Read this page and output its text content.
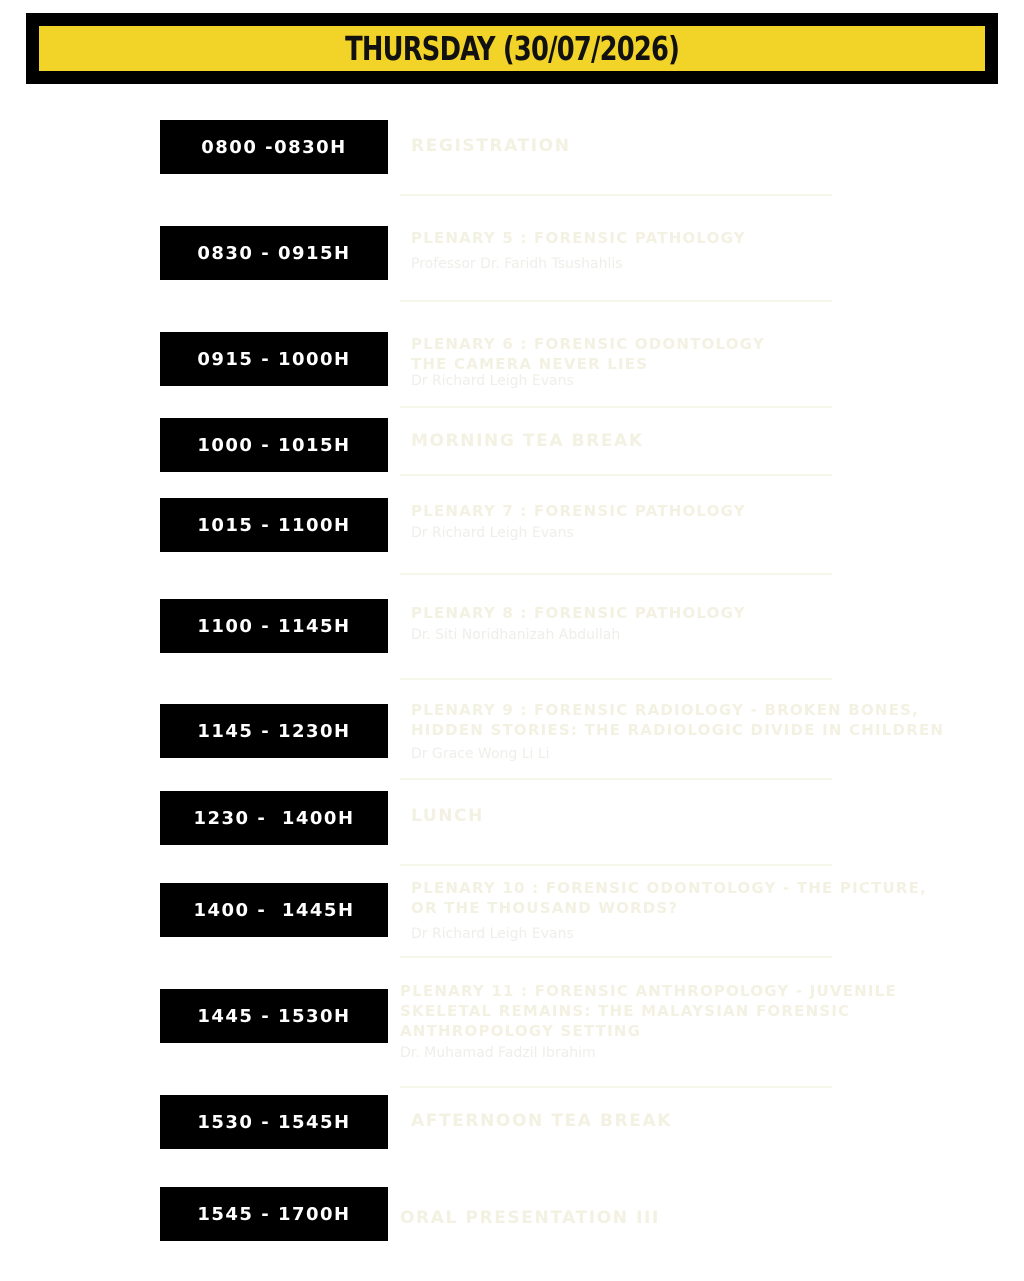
THURSDAY (30/07/2026)
0800 -0830H	REGISTRATION
0830 - 0915H
PLENARY 5 : FORENSIC PATHOLOGY
Professor Dr. Faridh Tsushahlis
0915 - 1000H
PLENARY 6 : FORENSIC ODONTOLOGY
THE CAMERA NEVER LIES
Dr Richard Leigh Evans
1000 - 1015H	MORNING TEA BREAK
1015 - 1100H
PLENARY 7 : FORENSIC PATHOLOGY
Dr Richard Leigh Evans
1100 - 1145H
PLENARY 8 : FORENSIC PATHOLOGY
Dr. Siti Noridhanizah Abdullah
1145 - 1230H
PLENARY 9 : FORENSIC RADIOLOGY - BROKEN BONES,
HIDDEN STORIES: THE RADIOLOGIC DIVIDE IN CHILDREN
Dr Grace Wong Li Li
1230 -  1400H	LUNCH
1400 -  1445H
PLENARY 10 : FORENSIC ODONTOLOGY - THE PICTURE,
OR THE THOUSAND WORDS?
Dr Richard Leigh Evans
1445 - 1530H
PLENARY 11 : FORENSIC ANTHROPOLOGY - JUVENILE
SKELETAL REMAINS: THE MALAYSIAN FORENSIC
ANTHROPOLOGY SETTING
Dr. Muhamad Fadzil Ibrahim
1530 - 1545H	AFTERNOON TEA BREAK
1545 - 1700H	ORAL PRESENTATION III
